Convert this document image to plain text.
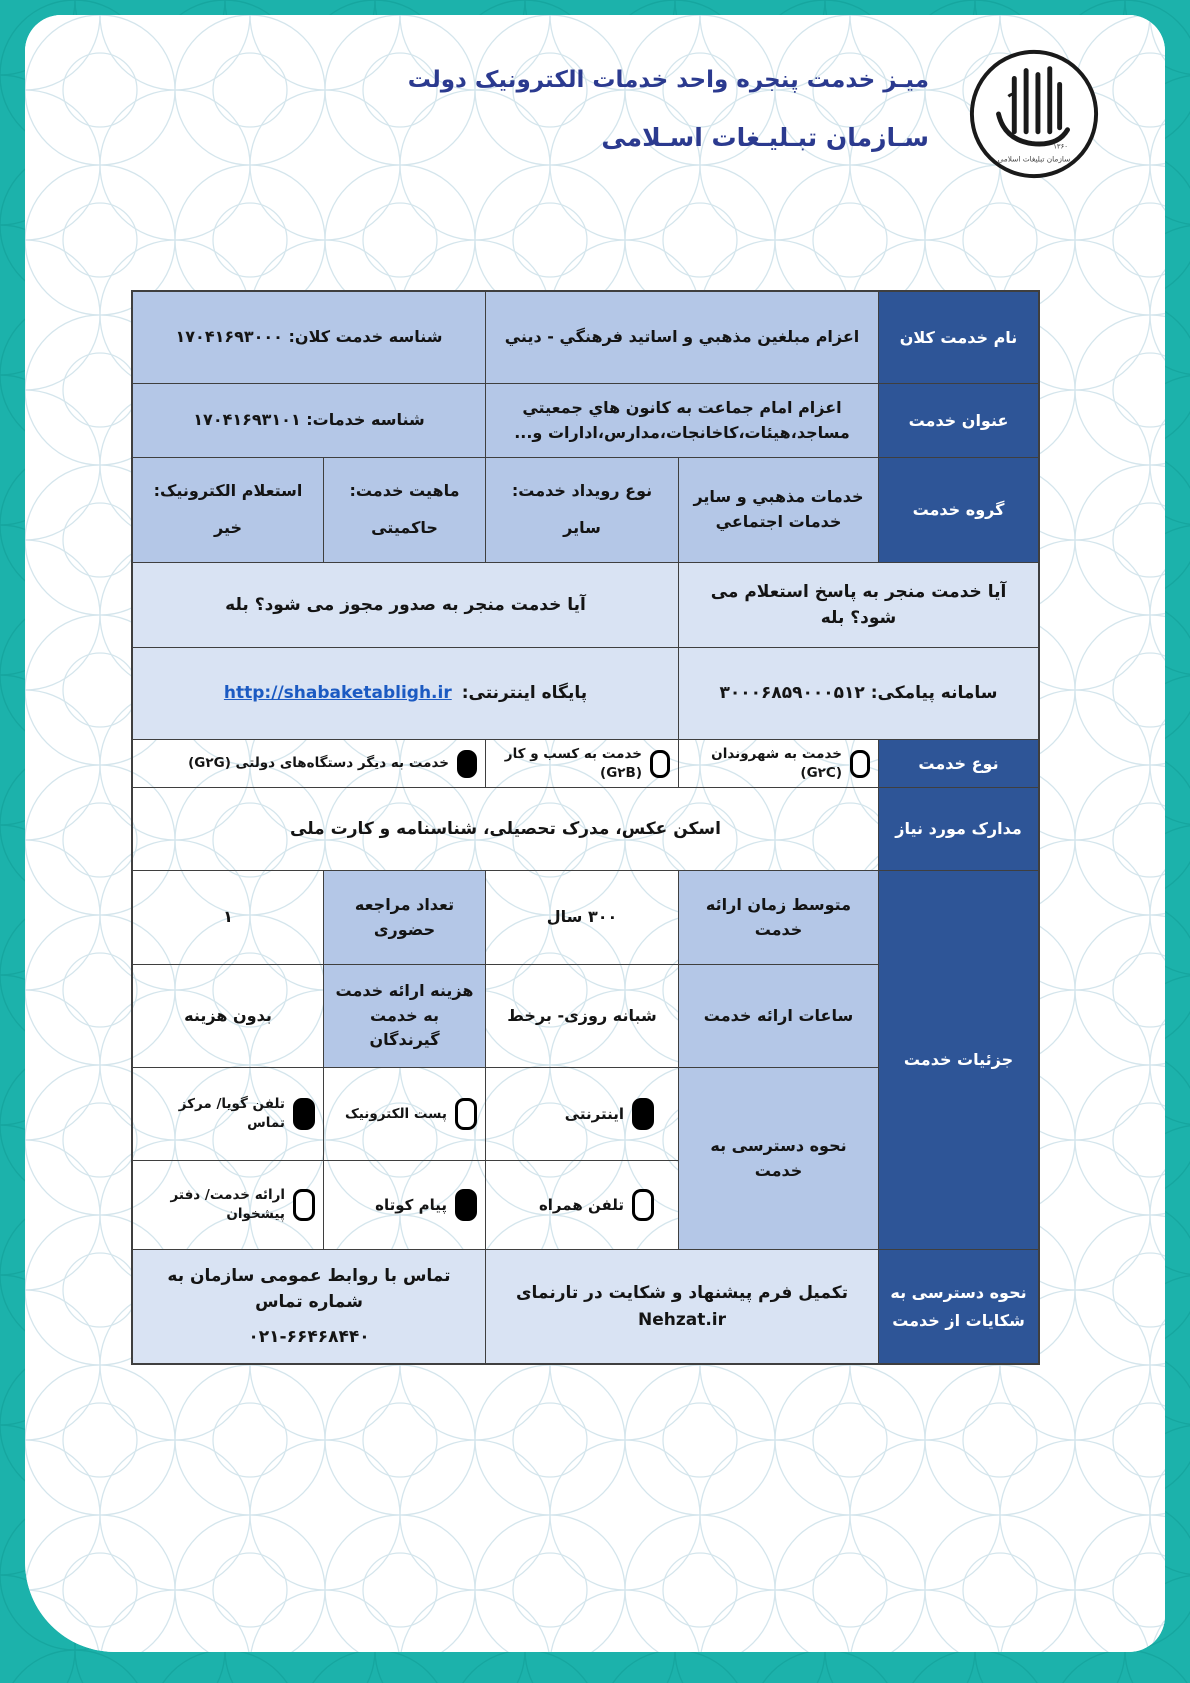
۱۳۶۰
سازمان تبلیغات اسلامی
میـز خدمت پنجره واحد خدمات الکترونیک دولت
سـازمان تبـلیـغات اسـلامی
نام خدمت کلان
اعزام مبلغين مذهبي و اساتيد فرهنگي - ديني
شناسه خدمت کلان: ۱۷۰۴۱۶۹۳۰۰۰
عنوان خدمت
اعزام امام جماعت به کانون هاي جمعيتي
مساجد،هیئات،کاخانجات،مدارس،ادارات و...
شناسه خدمات: ۱۷۰۴۱۶۹۳۱۰۱
گروه خدمت
خدمات مذهبي و ساير
خدمات اجتماعي
نوع رويداد خدمت:
ساير
ماهيت خدمت:
حاکمیتی
استعلام الکترونیک:
خیر
آیا خدمت منجر به پاسخ استعلام می شود؟ بله
آیا خدمت منجر به صدور مجوز می شود؟ بله
سامانه پیامکی: ۳۰۰۰۶۸۵۹۰۰۰۵۱۲
پایگاه اینترنتی:
http://shabaketabligh.ir
نوع خدمت
خدمت به شهروندان (G۲C)
خدمت به کسب و کار (G۲B)
خدمت به دیگر دستگاه‌های دولتی (G۲G)
مدارک مورد نیاز
اسکن عکس، مدرک تحصیلی، شناسنامه و کارت ملی
جزئیات خدمت
متوسط زمان ارائه خدمت
۳۰۰ سال
تعداد مراجعه حضوری
۱
ساعات ارائه خدمت
شبانه روزی- برخط
هزینه ارائه خدمت به خدمت گیرندگان
بدون هزینه
نحوه دسترسی به خدمت
اینترنتی
پست الکترونیک
تلفن گویا/ مرکز تماس
تلفن همراه
پیام کوتاه
ارائه خدمت/ دفتر پیشخوان
نحوه دسترسی به شکایات از خدمت
تکمیل فرم پیشنهاد و شکایت در تارنمای Nehzat.ir
تماس با روابط عمومی سازمان به شماره تماس
۰۲۱-۶۶۴۶۸۴۴۰
